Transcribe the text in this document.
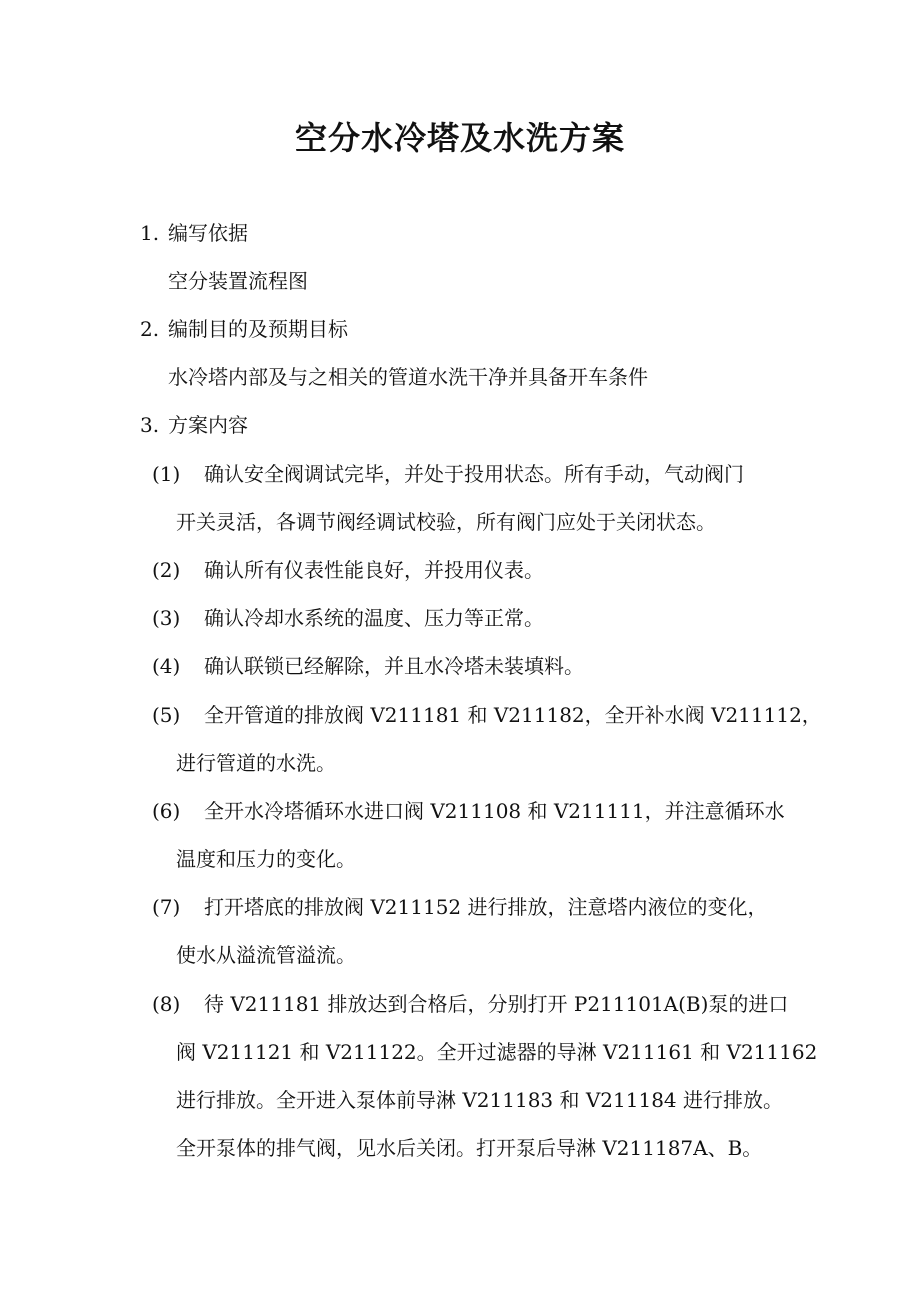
空分水冷塔及水洗方案
1. 编写依据
空分装置流程图
2. 编制目的及预期目标
水冷塔内部及与之相关的管道水洗干净并具备开车条件
3. 方案内容
(1) 确认安全阀调试完毕，并处于投用状态。所有手动，气动阀门
开关灵活，各调节阀经调试校验，所有阀门应处于关闭状态。
(2) 确认所有仪表性能良好，并投用仪表。
(3) 确认冷却水系统的温度、压力等正常。
(4) 确认联锁已经解除，并且水冷塔未装填料。
(5) 全开管道的排放阀 V211181 和 V211182，全开补水阀 V211112，
进行管道的水洗。
(6) 全开水冷塔循环水进口阀 V211108 和 V211111，并注意循环水
温度和压力的变化。
(7) 打开塔底的排放阀 V211152 进行排放，注意塔内液位的变化，
使水从溢流管溢流。
(8) 待 V211181 排放达到合格后，分别打开 P211101A(B)泵的进口
阀 V211121 和 V211122。全开过滤器的导淋 V211161 和 V211162
进行排放。全开进入泵体前导淋 V211183 和 V211184 进行排放。
全开泵体的排气阀，见水后关闭。打开泵后导淋 V211187A、B。
